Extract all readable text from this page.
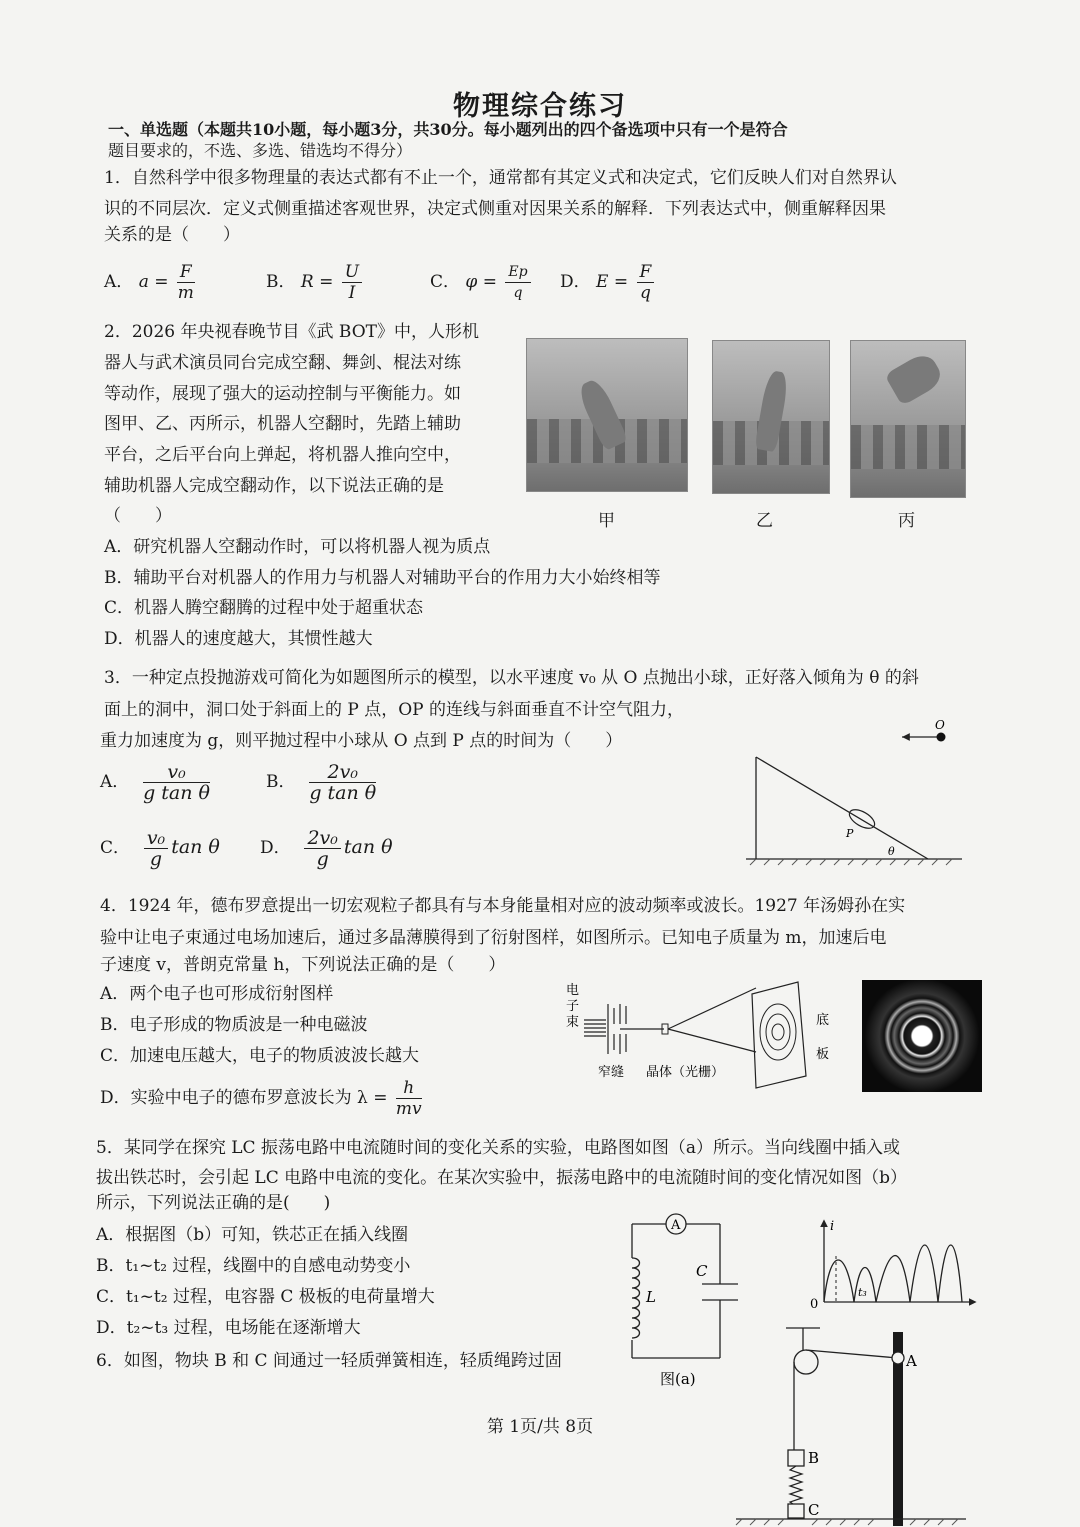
物理综合练习
一、单选题（本题共10小题，每小题3分，共30分。每小题列出的四个备选项中只有一个是符合
题目要求的，不选、多选、错选均不得分）
1．自然科学中很多物理量的表达式都有不止一个，通常都有其定义式和决定式，它们反映人们对自然界认
识的不同层次．定义式侧重描述客观世界，决定式侧重对因果关系的解释．下列表达式中，侧重解释因果
关系的是（　　）
A． $a = \frac{F}{m}$	B． $R = \frac{U}{I}$	C． $\varphi = \frac{Ep}{q}$ D． $E = \frac{F}{q}$
2．2026 年央视春晚节目《武 BOT》中，人形机
器人与武术演员同台完成空翻、舞剑、棍法对练
等动作，展现了强大的运动控制与平衡能力。如
图甲、乙、丙所示，机器人空翻时，先踏上辅助
平台，之后平台向上弹起，将机器人推向空中，
辅助机器人完成空翻动作，以下说法正确的是
（　　）	甲	乙	丙
A．研究机器人空翻动作时，可以将机器人视为质点
B．辅助平台对机器人的作用力与机器人对辅助平台的作用力大小始终相等
C．机器人腾空翻腾的过程中处于超重状态
D．机器人的速度越大，其惯性越大
3．一种定点投抛游戏可简化为如题图所示的模型，以水平速度 v₀ 从 O 点抛出小球，正好落入倾角为 θ 的斜
面上的洞中，洞口处于斜面上的 P 点，OP 的连线与斜面垂直不计空气阻力，
重力加速度为 g，则平抛过程中小球从 O 点到 P 点的时间为（　　）
A． $\frac{\text{v₀}}{\text{g tan θ}}$	B． $\frac{\text{2v₀}}{\text{g tan θ}}$
C． $\frac{\text{v₀}}{g}$ tan θ D． $\frac{\text{2v₀}}{g}$ tan θ
O
P
θ
4．1924 年，德布罗意提出一切宏观粒子都具有与本身能量相对应的波动频率或波长。1927 年汤姆孙在实
验中让电子束通过电场加速后，通过多晶薄膜得到了衍射图样，如图所示。已知电子质量为 m，加速后电
子速度 v，普朗克常量 h，下列说法正确的是（　　）
A．两个电子也可形成衍射图样
B．电子形成的物质波是一种电磁波
C．加速电压越大，电子的物质波波长越大
D．实验中电子的德布罗意波长为 $\lambda = \frac{h}{mv}$
电
子
束
窄缝 晶体（光栅）
底
板
5．某同学在探究 LC 振荡电路中电流随时间的变化关系的实验，电路图如图（a）所示。当向线圈中插入或
拔出铁芯时，会引起 LC 电路中电流的变化。在某次实验中，振荡电路中的电流随时间的变化情况如图（b）
所示，下列说法正确的是(　　)
A．根据图（b）可知，铁芯正在插入线圈
B．t₁~t₂ 过程，线圈中的自感电动势变小
C．t₁~t₂ 过程，电容器 C 极板的电荷量增大
D．t₂~t₃ 过程，电场能在逐渐增大
A
L
C
图(a)
i
0
t₃
6．如图，物块 B 和 C 间通过一轻质弹簧相连，轻质绳跨过固	A
B
C
第 1页/共 8页
